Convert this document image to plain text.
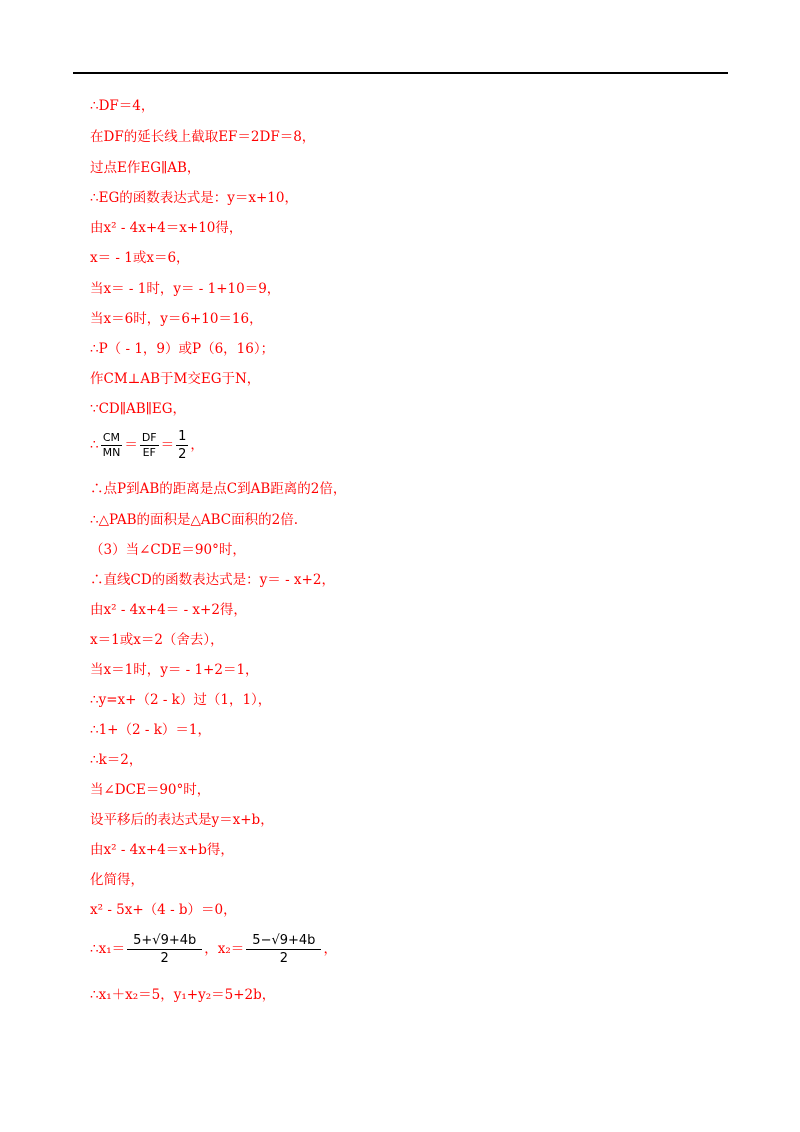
∴DF＝4，
在DF的延长线上截取EF＝2DF＝8，
过点E作EG∥AB，
∴EG的函数表达式是：y＝x+10，
由x² - 4x+4＝x+10得，
x＝ - 1或x＝6，
当x＝ - 1时，y＝ - 1+10＝9，
当x＝6时，y＝6+10＝16，
∴P（ - 1，9）或P（6，16）；
作CM⊥AB于M交EG于N，
∵CD∥AB∥EG，
∴ $\frac{CM}{MN} = \frac{DF}{EF} = \frac{1}{2}$ ，
∴点P到AB的距离是点C到AB距离的2倍，
∴△PAB的面积是△ABC面积的2倍.
（3）当∠CDE＝90°时，
∴直线CD的函数表达式是：y＝ - x+2，
由x² - 4x+4＝ - x+2得，
x＝1或x＝2（舍去），
当x＝1时，y＝ - 1+2＝1，
∴y=x+（2 - k）过（1，1），
∴1+（2 - k）＝1，
∴k＝2，
当∠DCE＝90°时，
设平移后的表达式是y＝x+b，
由x² - 4x+4＝x+b得，
化简得，
x² - 5x+（4 - b）＝0，
∴x₁＝ $\frac{5+√9+4b}{2}$ ，$x_2= \frac{5-√9+4b}{2}$ ，
∴x₁＋x₂＝5，y₁+y₂＝5+2b，
